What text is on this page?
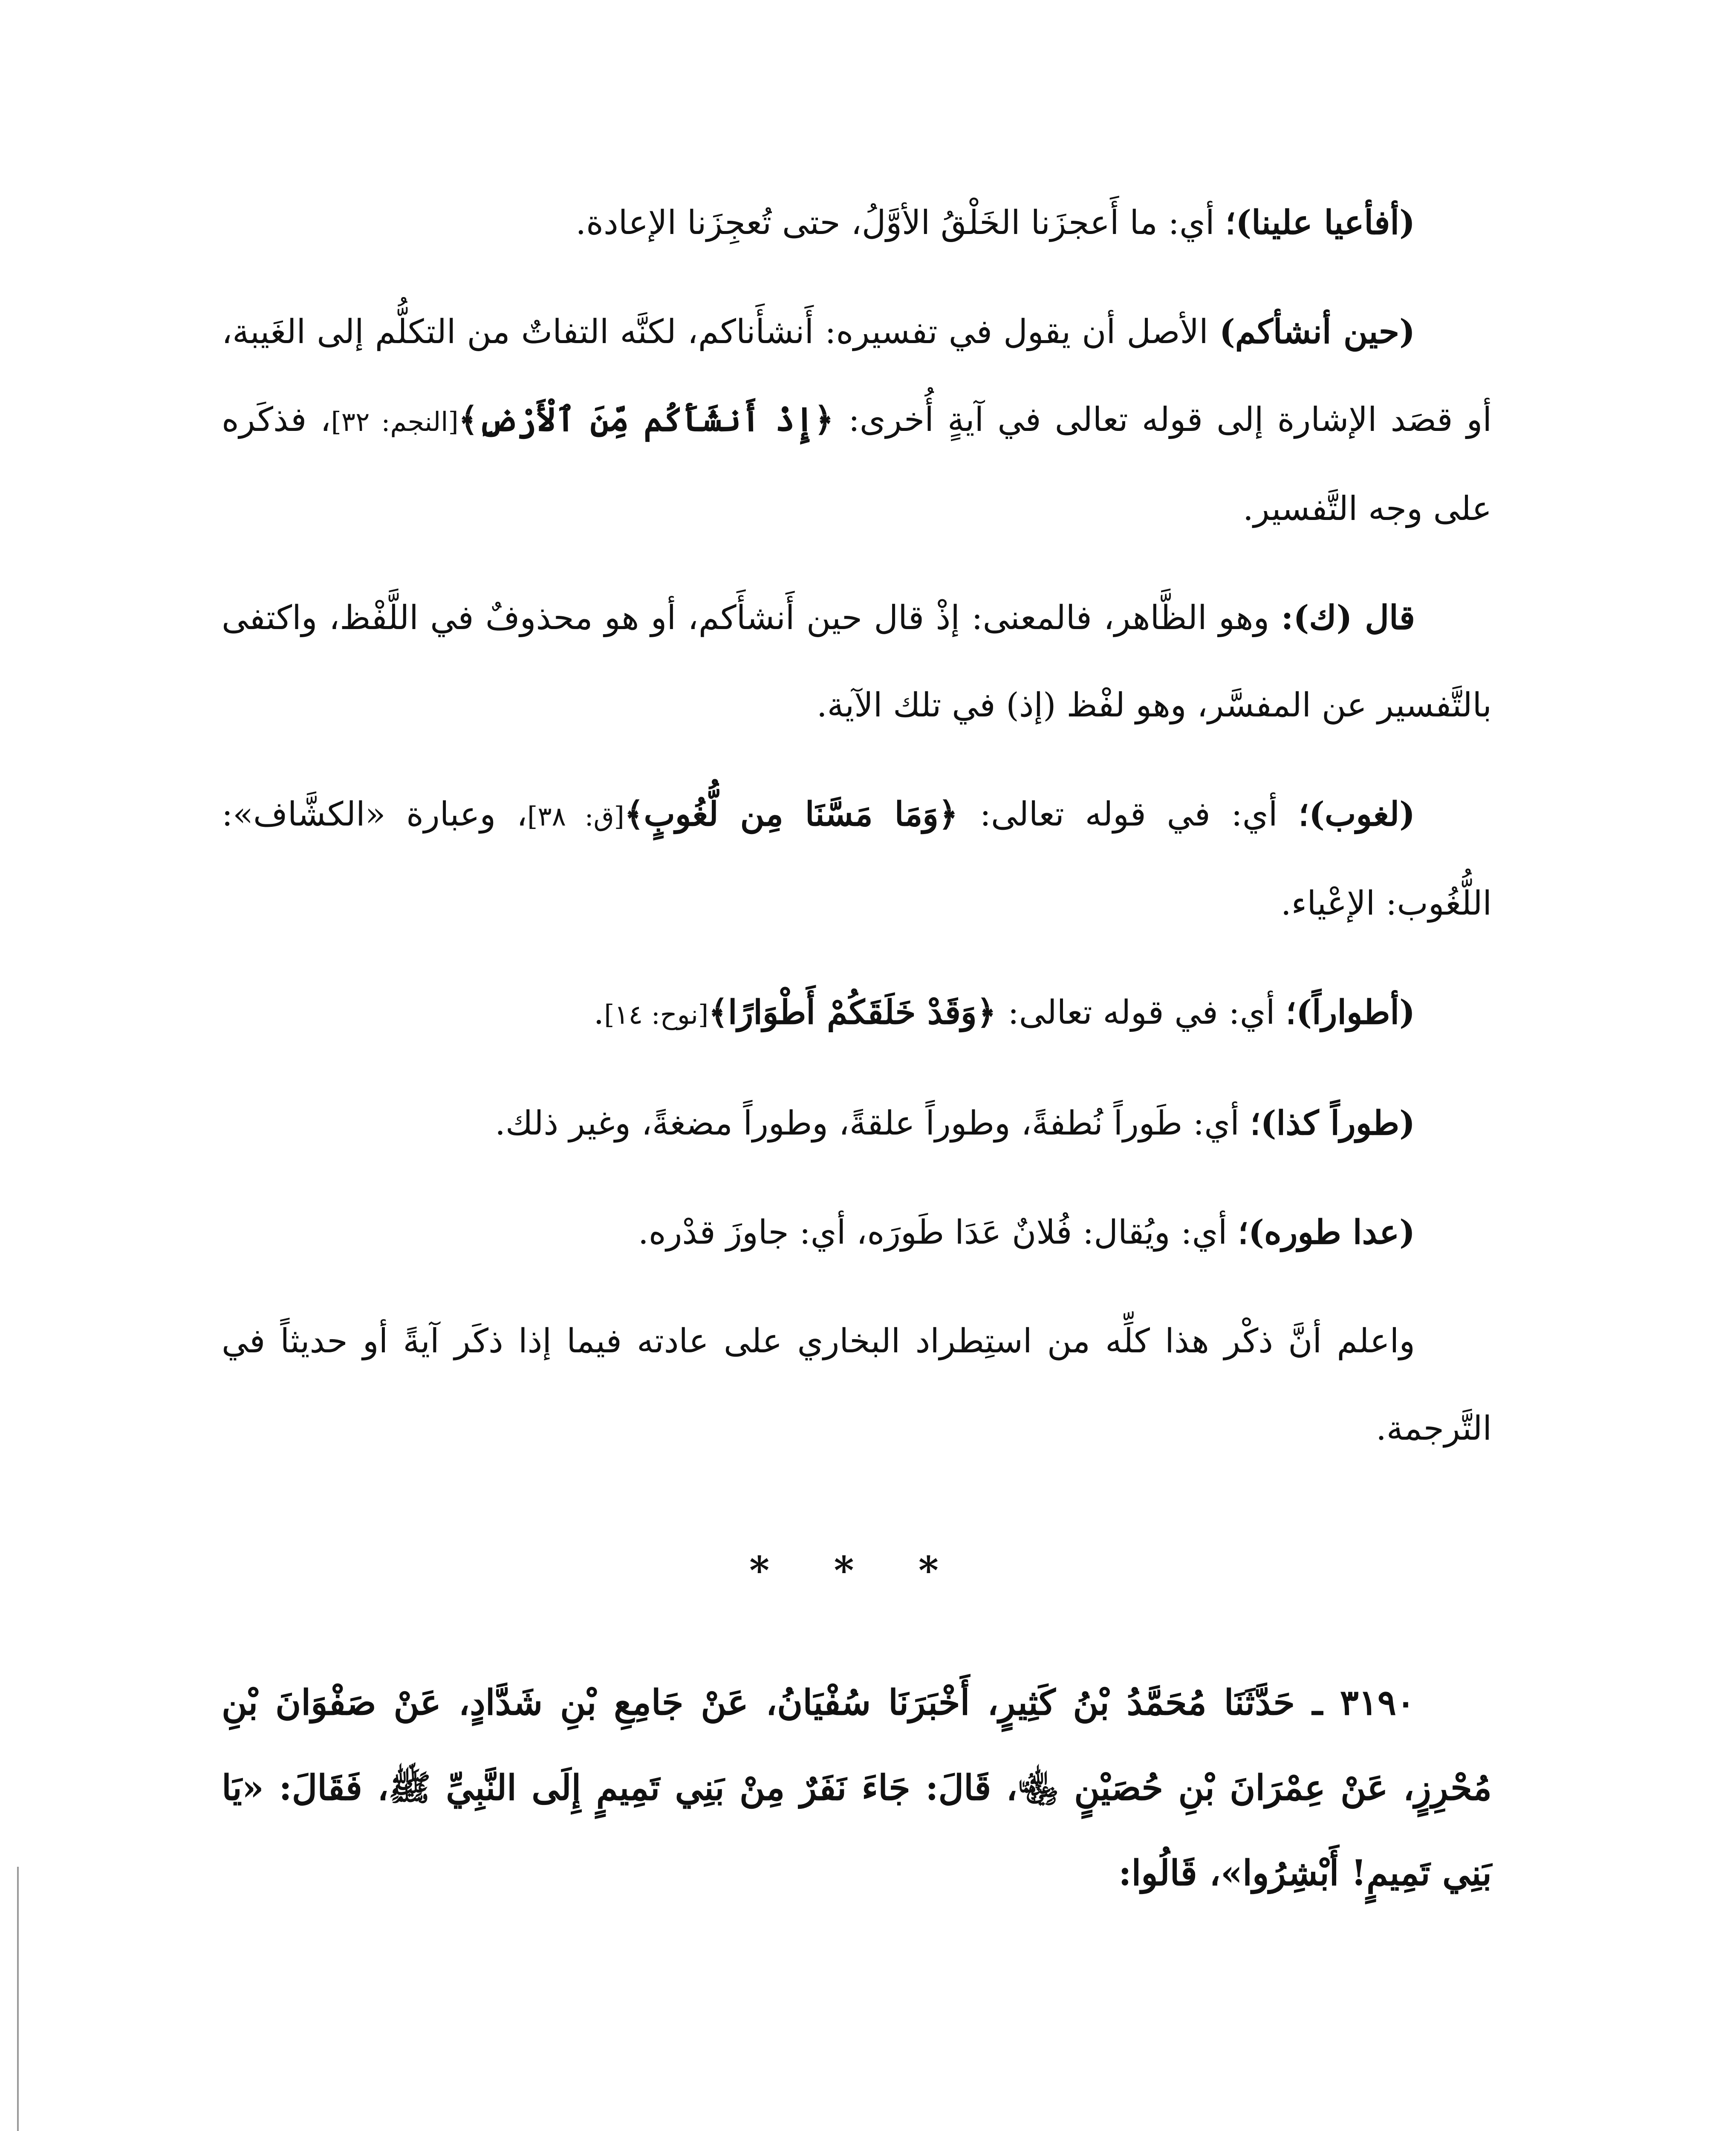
(أفأعيا علينا)؛ أي: ما أَعجزَنا الخَلْقُ الأوَّلُ، حتى تُعجِزَنا الإعادة.

(حين أنشأكم) الأصل أن يقول في تفسيره: أَنشأَناكم، لكنَّه التفاتٌ من التكلُّم إلى الغَيبة، أو قصَد الإشارة إلى قوله تعالى في آيةٍ أُخرى: ﴿إِذْ أَنشَأَكُم مِّنَ ٱلْأَرْضِ﴾[النجم: ٣٢]، فذكَره على وجه التَّفسير.

قال (ك): وهو الظَّاهر، فالمعنى: إذْ قال حين أَنشأَكم، أو هو محذوفٌ في اللَّفْظ، واكتفى بالتَّفسير عن المفسَّر، وهو لفْظ (إذ) في تلك الآية.

(لغوب)؛ أي: في قوله تعالى: ﴿وَمَا مَسَّنَا مِن لُّغُوبٍ﴾[ق: ٣٨]، وعبارة «الكشَّاف»: اللُّغُوب: الإعْياء.

(أطواراً)؛ أي: في قوله تعالى: ﴿وَقَدْ خَلَقَكُمْ أَطْوَارًا﴾[نوح: ١٤].

(طوراً كذا)؛ أي: طَوراً نُطفةً، وطوراً علقةً، وطوراً مضغةً، وغير ذلك.

(عدا طوره)؛ أي: ويُقال: فُلانٌ عَدَا طَورَه، أي: جاوزَ قدْره.

واعلم أنَّ ذكْر هذا كلِّه من استِطراد البخاري على عادته فيما إذا ذكَر آيةً أو حديثاً في التَّرجمة.

* * *

٣١٩٠ ـ حَدَّثَنَا مُحَمَّدُ بْنُ كَثِيرٍ، أَخْبَرَنَا سُفْيَانُ، عَنْ جَامِعِ بْنِ شَدَّادٍ، عَنْ صَفْوَانَ بْنِ مُحْرِزٍ، عَنْ عِمْرَانَ بْنِ حُصَيْنٍ ﵄، قَالَ: جَاءَ نَفَرٌ مِنْ بَنِي تَمِيمٍ إِلَى النَّبِيِّ ﷺ، فَقَالَ: «يَا بَنِي تَمِيمٍ! أَبْشِرُوا»، قَالُوا:
